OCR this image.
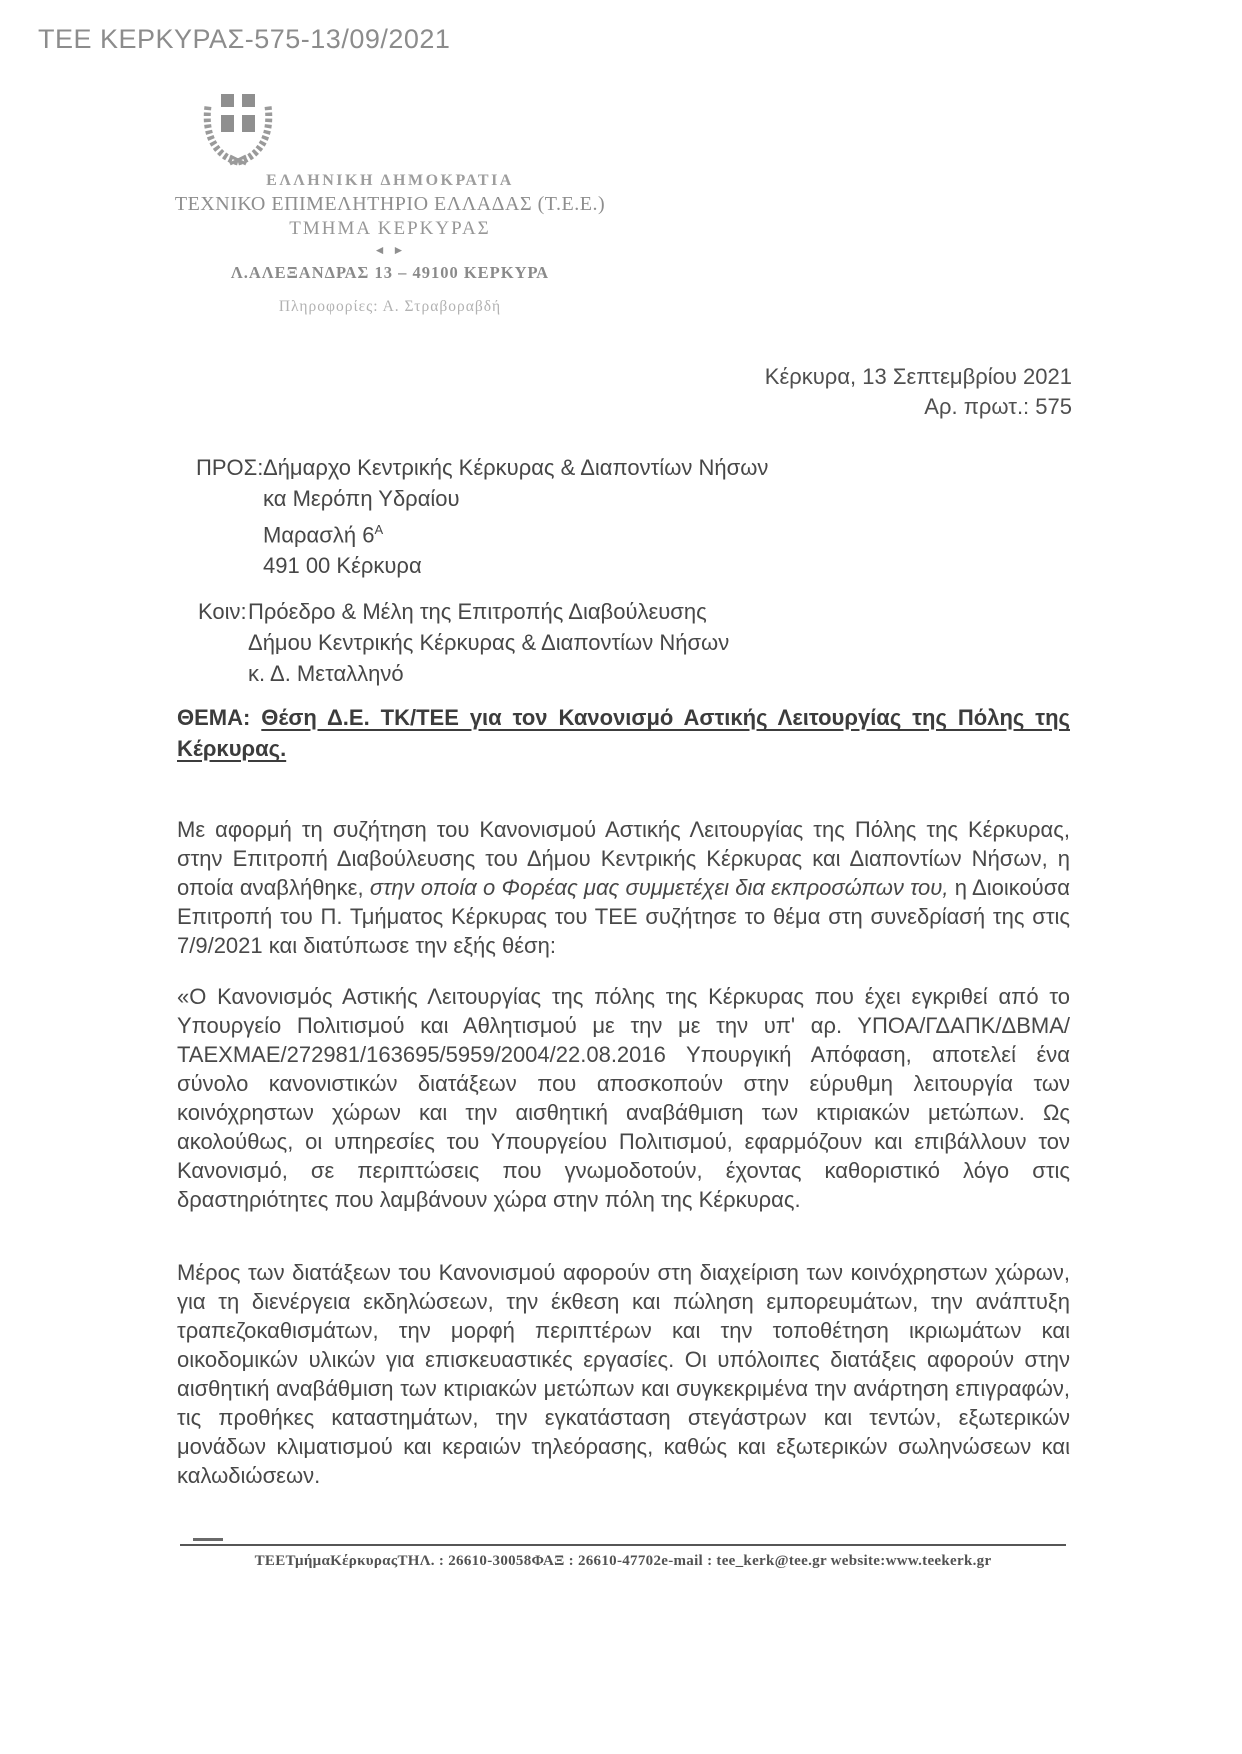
ΤΕΕ ΚΕΡΚΥΡΑΣ-575-13/09/2021
ΕΛΛΗΝΙΚΗ ΔΗΜΟΚΡΑΤΙΑ
ΤΕΧΝΙΚΟ ΕΠΙΜΕΛΗΤΗΡΙΟ ΕΛΛΑΔΑΣ (Τ.Ε.Ε.)
ΤΜΗΜΑ ΚΕΡΚΥΡΑΣ
◄ ►
Λ.ΑΛΕΞΑΝΔΡΑΣ 13 – 49100 ΚΕΡΚΥΡΑ
Πληροφορίες: Α. Στραβοραβδή
Κέρκυρα, 13 Σεπτεμβρίου 2021
Αρ. πρωτ.: 575
ΠΡΟΣ: Δήμαρχο Κεντρικής Κέρκυρας & Διαποντίων Νήσων
κα Μερόπη Υδραίου
Μαρασλή $6^A$
491 00 Κέρκυρα
Κοιν: Πρόεδρο & Μέλη της Επιτροπής Διαβούλευσης
Δήμου Κεντρικής Κέρκυρας & Διαποντίων Νήσων
κ. Δ. Μεταλληνό
ΘΕΜΑ: Θέση Δ.Ε. ΤΚ/ΤΕΕ για τον Κανονισμό Αστικής Λειτουργίας της Πόλης της Κέρκυρας.

Με αφορμή τη συζήτηση του Κανονισμού Αστικής Λειτουργίας της Πόλης της Κέρκυρας, στην Επιτροπή Διαβούλευσης του Δήμου Κεντρικής Κέρκυρας και Διαποντίων Νήσων, η οποία αναβλήθηκε, στην οποία ο Φορέας μας συμμετέχει δια εκπροσώπων του, η Διοικούσα Επιτροπή του Π. Τμήματος Κέρκυρας του ΤΕΕ συζήτησε το θέμα στη συνεδρίασή της στις 7/9/2021 και διατύπωσε την εξής θέση:

«Ο Κανονισμός Αστικής Λειτουργίας της πόλης της Κέρκυρας που έχει εγκριθεί από το Υπουργείο Πολιτισμού και Αθλητισμού με την με την υπ' αρ. ΥΠΟΑ/ΓΔΑΠΚ/ΔΒΜΑ/ΤΑΕΧΜΑΕ/272981/163695/5959/2004/22.08.2016 Υπουργική Απόφαση, αποτελεί ένα σύνολο κανονιστικών διατάξεων που αποσκοπούν στην εύρυθμη λειτουργία των κοινόχρηστων χώρων και την αισθητική αναβάθμιση των κτιριακών μετώπων. Ως ακολούθως, οι υπηρεσίες του Υπουργείου Πολιτισμού, εφαρμόζουν και επιβάλλουν τον Κανονισμό, σε περιπτώσεις που γνωμοδοτούν, έχοντας καθοριστικό λόγο στις δραστηριότητες που λαμβάνουν χώρα στην πόλη της Κέρκυρας.

Μέρος των διατάξεων του Κανονισμού αφορούν στη διαχείριση των κοινόχρηστων χώρων, για τη διενέργεια εκδηλώσεων, την έκθεση και πώληση εμπορευμάτων, την ανάπτυξη τραπεζοκαθισμάτων, την μορφή περιπτέρων και την τοποθέτηση ικριωμάτων και οικοδομικών υλικών για επισκευαστικές εργασίες. Οι υπόλοιπες διατάξεις αφορούν στην αισθητική αναβάθμιση των κτιριακών μετώπων και συγκεκριμένα την ανάρτηση επιγραφών, τις προθήκες καταστημάτων, την εγκατάσταση στεγάστρων και τεντών, εξωτερικών μονάδων κλιματισμού και κεραιών τηλεόρασης, καθώς και εξωτερικών σωληνώσεων και καλωδιώσεων.

ΤΕΕΤμήμαΚέρκυραςΤΗΛ. : 26610-30058ΦΑΞ : 26610-47702e-mail : tee_kerk@tee.gr website:www.teekerk.gr
